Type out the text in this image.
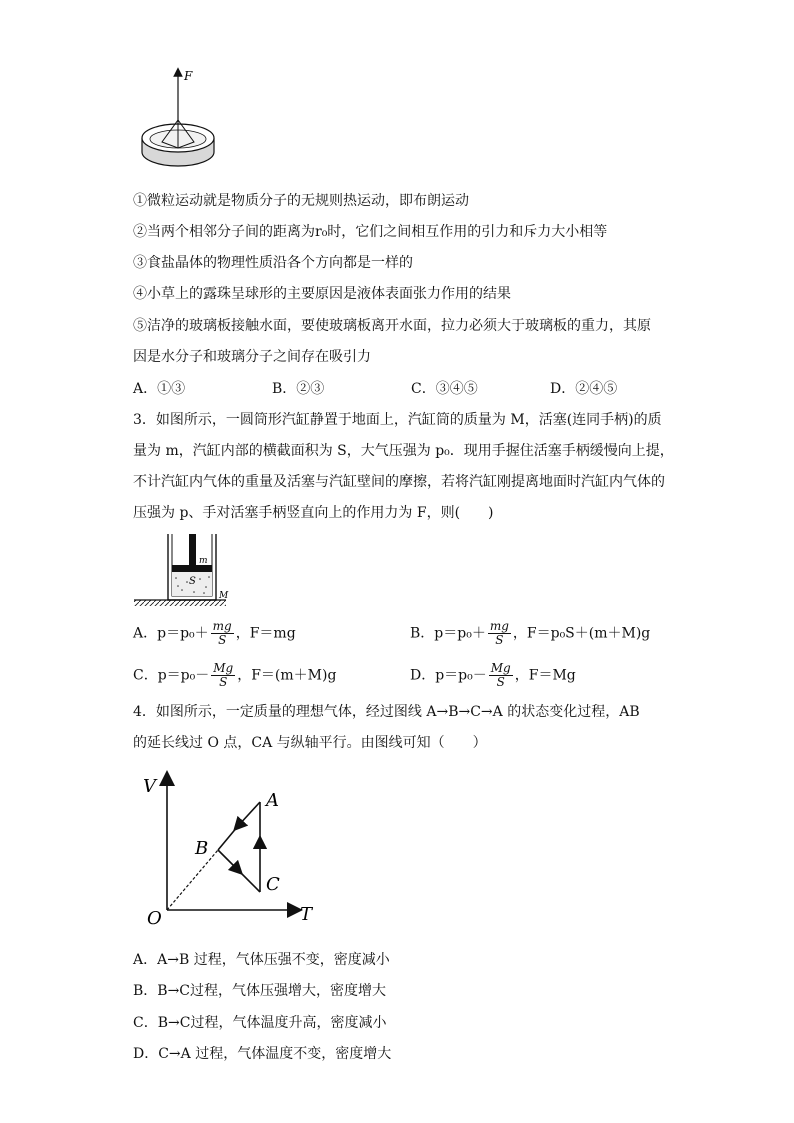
F
①微粒运动就是物质分子的无规则热运动，即布朗运动
②当两个相邻分子间的距离为r₀时，它们之间相互作用的引力和斥力大小相等
③食盐晶体的物理性质沿各个方向都是一样的
④小草上的露珠呈球形的主要原因是液体表面张力作用的结果
⑤洁净的玻璃板接触水面，要使玻璃板离开水面，拉力必须大于玻璃板的重力，其原
因是水分子和玻璃分子之间存在吸引力
A．①③	B．②③	C．③④⑤	D．②④⑤
3．如图所示，一圆筒形汽缸静置于地面上，汽缸筒的质量为 M，活塞(连同手柄)的质
量为 m，汽缸内部的横截面积为 S，大气压强为 p₀．现用手握住活塞手柄缓慢向上提，
不计汽缸内气体的重量及活塞与汽缸壁间的摩擦，若将汽缸刚提离地面时汽缸内气体的
压强为 p、手对活塞手柄竖直向上的作用力为 F，则(　　)
m
S
M
A．$p=p_0+ \frac{mg}{S}$ ，F＝mg	B．$p=p_0+ \frac{mg}{S}$ ，F＝p₀S＋(m＋M)g
C．$p=p_0- \frac{Mg}{S}$ ，F＝(m＋M)g	D．$p=p_0- \frac{Mg}{S}$ ，F＝Mg
4．如图所示，一定质量的理想气体，经过图线 A→B→C→A 的状态变化过程，AB
的延长线过 O 点，CA 与纵轴平行。由图线可知（　　）
V
T
O
A
B
C
A．A→B 过程，气体压强不变，密度减小
B．B→C过程，气体压强增大，密度增大
C．B→C过程，气体温度升高，密度减小
D．C→A 过程，气体温度不变，密度增大
